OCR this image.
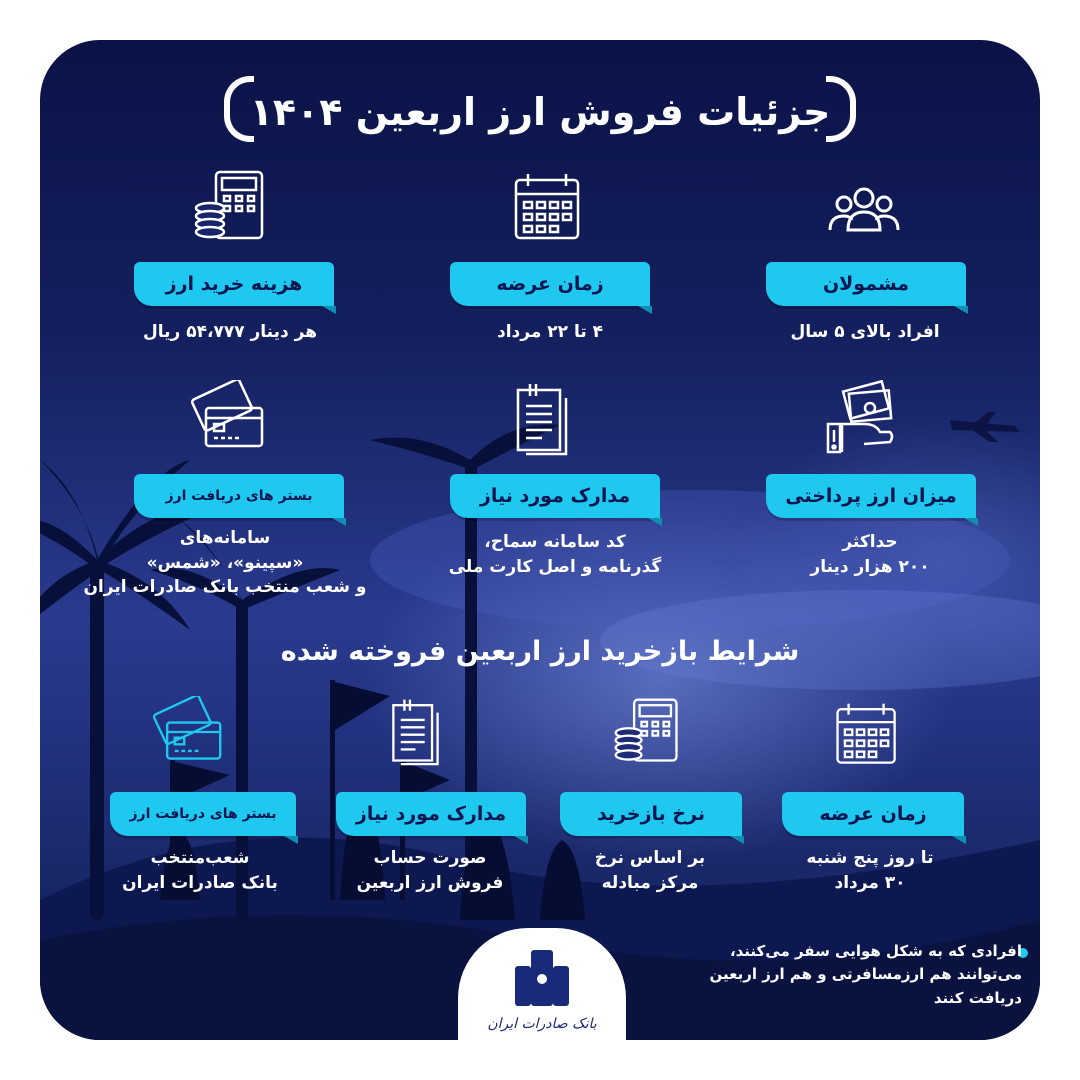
جزئیات فروش ارز اربعین ۱۴۰۴
مشمولان
افراد بالای ۵ سال
زمان عرضه
۴ تا ۲۲ مرداد
هزینه خرید ارز
هر دینار ۵۴،۷۷۷ ریال
میزان ارز پرداختی
حداکثر
۲۰۰ هزار دینار
مدارک مورد نیاز
کد سامانه سماح،
گذرنامه و اصل کارت ملی
بستر های دریافت ارز
سامانه‌های
«سپینو»، «شمس»
و شعب منتخب بانک صادرات ایران
شرایط بازخرید ارز اربعین فروخته شده
زمان عرضه
تا روز پنج شنبه
۳۰ مرداد
نرخ بازخرید
بر اساس نرخ
مرکز مبادله
مدارک مورد نیاز
صورت حساب
فروش ارز اربعین
بستر های دریافت ارز
شعب‌منتخب
بانک صادرات ایران
افرادی که به شکل هوایی سفر می‌کنند،
می‌توانند هم ارزمسافرتی و هم ارز اربعین
دریافت کنند
بانک صادرات ایران
